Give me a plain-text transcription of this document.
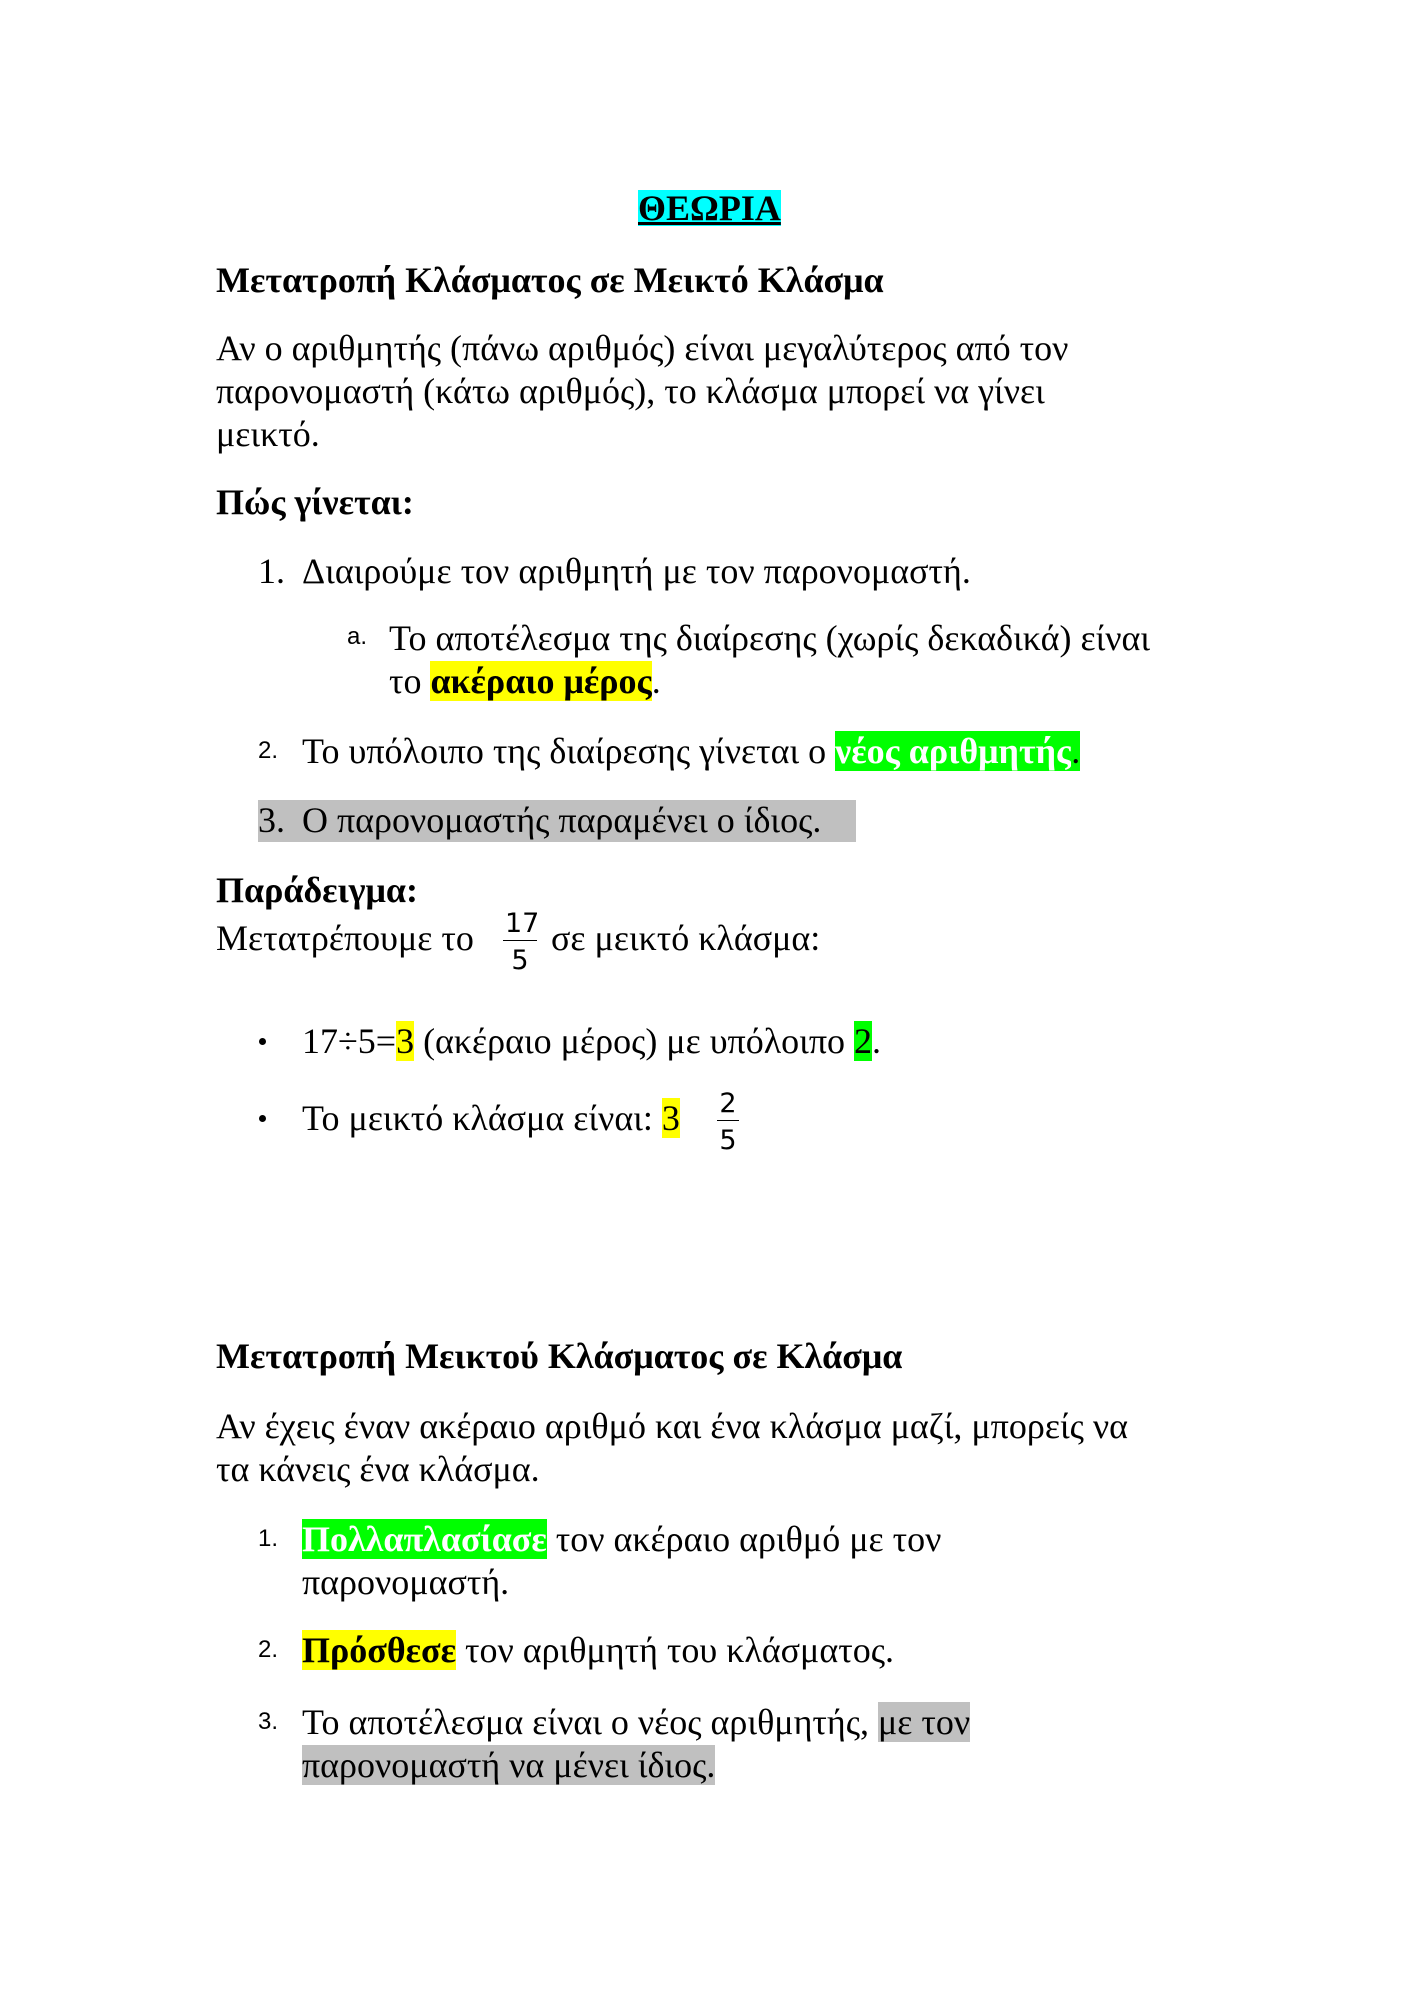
ΘΕΩΡΙΑ
Μετατροπή Κλάσματος σε Μεικτό Κλάσμα
Αν ο αριθμητής (πάνω αριθμός) είναι μεγαλύτερος από τον
παρονομαστή (κάτω αριθμός), το κλάσμα μπορεί να γίνει
μεικτό.
Πώς γίνεται:
1. Διαιρούμε τον αριθμητή με τον παρονομαστή.
a. Το αποτέλεσμα της διαίρεσης (χωρίς δεκαδικά) είναι
το ακέραιο μέρος.
2. Το υπόλοιπο της διαίρεσης γίνεται ο νέος αριθμητής.
3. Ο παρονομαστής παραμένει ο ίδιος.
Παράδειγμα:
Μετατρέπουμε το $\frac{17}{5}$ σε μεικτό κλάσμα:
17÷5=3 (ακέραιο μέρος) με υπόλοιπο 2.
Το μεικτό κλάσμα είναι: $3 \frac{2}{5}$
Μετατροπή Μεικτού Κλάσματος σε Κλάσμα
Αν έχεις έναν ακέραιο αριθμό και ένα κλάσμα μαζί, μπορείς να
τα κάνεις ένα κλάσμα.
1. Πολλαπλασίασε τον ακέραιο αριθμό με τον
παρονομαστή.
2. Πρόσθεσε τον αριθμητή του κλάσματος.
3. Το αποτέλεσμα είναι ο νέος αριθμητής, με τον
παρονομαστή να μένει ίδιος.
